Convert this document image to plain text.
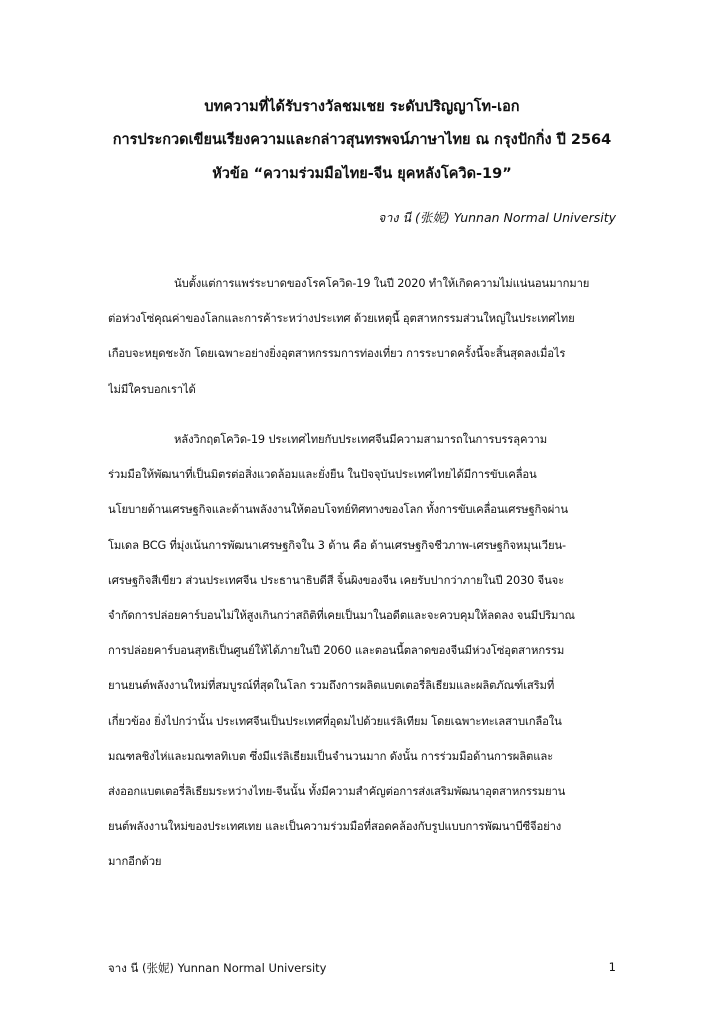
บทความที่ได้รับรางวัลชมเชย ระดับปริญญาโท-เอก
การประกวดเขียนเรียงความและกล่าวสุนทรพจน์ภาษาไทย ณ กรุงปักกิ่ง ปี 2564
หัวข้อ “ความร่วมมือไทย-จีน ยุคหลังโควิด-19”
จาง นี (张妮) Yunnan Normal University
นับตั้งแต่การแพร่ระบาดของโรคโควิด-19 ในปี 2020 ทำให้เกิดความไม่แน่นอนมากมาย
ต่อห่วงโซ่คุณค่าของโลกและการค้าระหว่างประเทศ ด้วยเหตุนี้ อุตสาหกรรมส่วนใหญ่ในประเทศไทย
เกือบจะหยุดชะงัก โดยเฉพาะอย่างยิ่งอุตสาหกรรมการท่องเที่ยว การระบาดครั้งนี้จะสิ้นสุดลงเมื่อไร
ไม่มีใครบอกเราได้
หลังวิกฤตโควิด-19 ประเทศไทยกับประเทศจีนมีความสามารถในการบรรลุความ
ร่วมมือให้พัฒนาที่เป็นมิตรต่อสิ่งแวดล้อมและยั่งยืน ในปัจจุบันประเทศไทยได้มีการขับเคลื่อน
นโยบายด้านเศรษฐกิจและด้านพลังงานให้ตอบโจทย์ทิศทางของโลก ทั้งการขับเคลื่อนเศรษฐกิจผ่าน
โมเดล BCG ที่มุ่งเน้นการพัฒนาเศรษฐกิจใน 3 ด้าน คือ ด้านเศรษฐกิจชีวภาพ-เศรษฐกิจหมุนเวียน-
เศรษฐกิจสีเขียว ส่วนประเทศจีน ประธานาธิบดีสี จิ้นผิงของจีน เคยรับปากว่าภายในปี 2030 จีนจะ
จำกัดการปล่อยคาร์บอนไม่ให้สูงเกินกว่าสถิติที่เคยเป็นมาในอดีตและจะควบคุมให้ลดลง จนมีปริมาณ
การปล่อยคาร์บอนสุทธิเป็นศูนย์ให้ได้ภายในปี 2060 และตอนนี้ตลาดของจีนมีห่วงโซ่อุตสาหกรรม
ยานยนต์พลังงานใหม่ที่สมบูรณ์ที่สุดในโลก รวมถึงการผลิตแบตเตอรี่ลิเธียมและผลิตภัณฑ์เสริมที่
เกี่ยวข้อง ยิ่งไปกว่านั้น ประเทศจีนเป็นประเทศที่อุดมไปด้วยแร่ลิเทียม โดยเฉพาะทะเลสาบเกลือใน
มณฑลชิงไห่และมณฑลทิเบต ซึ่งมีแร่ลิเธียมเป็นจำนวนมาก ดังนั้น การร่วมมือด้านการผลิตและ
ส่งออกแบตเตอรี่ลิเธียมระหว่างไทย-จีนนั้น ทั้งมีความสำคัญต่อการส่งเสริมพัฒนาอุตสาหกรรมยาน
ยนต์พลังงานใหม่ของประเทศเทย และเป็นความร่วมมือที่สอดคล้องกับรูปแบบการพัฒนาบีซีจีอย่าง
มากอีกด้วย
จาง นี (张妮) Yunnan Normal University	1
